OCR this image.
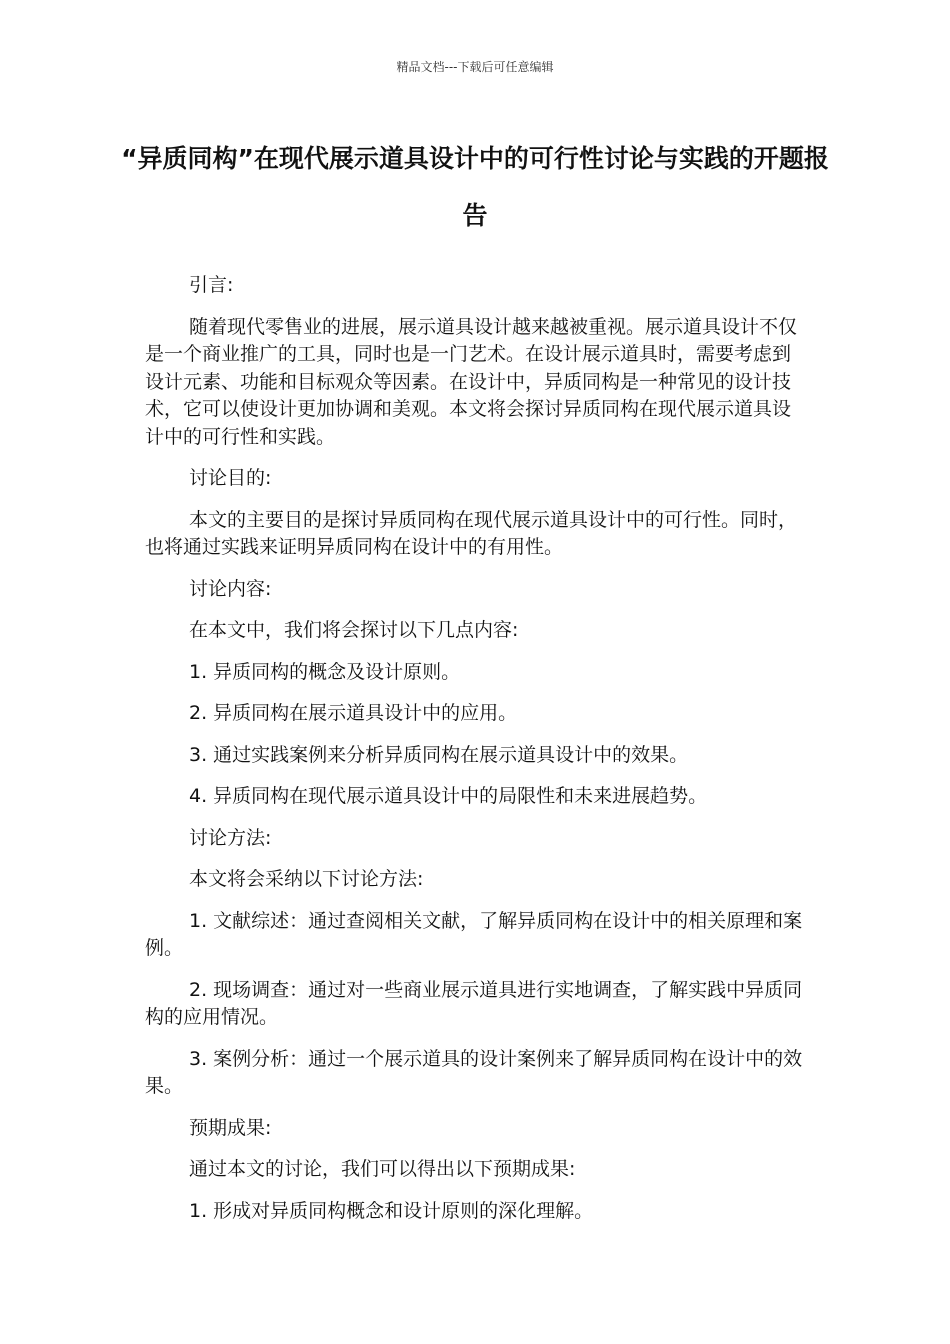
精品文档---下载后可任意编辑
“异质同构”在现代展示道具设计中的可行性讨论与实践的开题报告

引言:

随着现代零售业的进展，展示道具设计越来越被重视。展示道具设计不仅是一个商业推广的工具，同时也是一门艺术。在设计展示道具时，需要考虑到设计元素、功能和目标观众等因素。在设计中，异质同构是一种常见的设计技术，它可以使设计更加协调和美观。本文将会探讨异质同构在现代展示道具设计中的可行性和实践。

讨论目的:

本文的主要目的是探讨异质同构在现代展示道具设计中的可行性。同时，也将通过实践来证明异质同构在设计中的有用性。

讨论内容:

在本文中，我们将会探讨以下几点内容:

1. 异质同构的概念及设计原则。

2. 异质同构在展示道具设计中的应用。

3. 通过实践案例来分析异质同构在展示道具设计中的效果。

4. 异质同构在现代展示道具设计中的局限性和未来进展趋势。

讨论方法:

本文将会采纳以下讨论方法:

1. 文献综述：通过查阅相关文献，了解异质同构在设计中的相关原理和案例。

2. 现场调查：通过对一些商业展示道具进行实地调查，了解实践中异质同构的应用情况。

3. 案例分析：通过一个展示道具的设计案例来了解异质同构在设计中的效果。

预期成果:

通过本文的讨论，我们可以得出以下预期成果:

1. 形成对异质同构概念和设计原则的深化理解。
